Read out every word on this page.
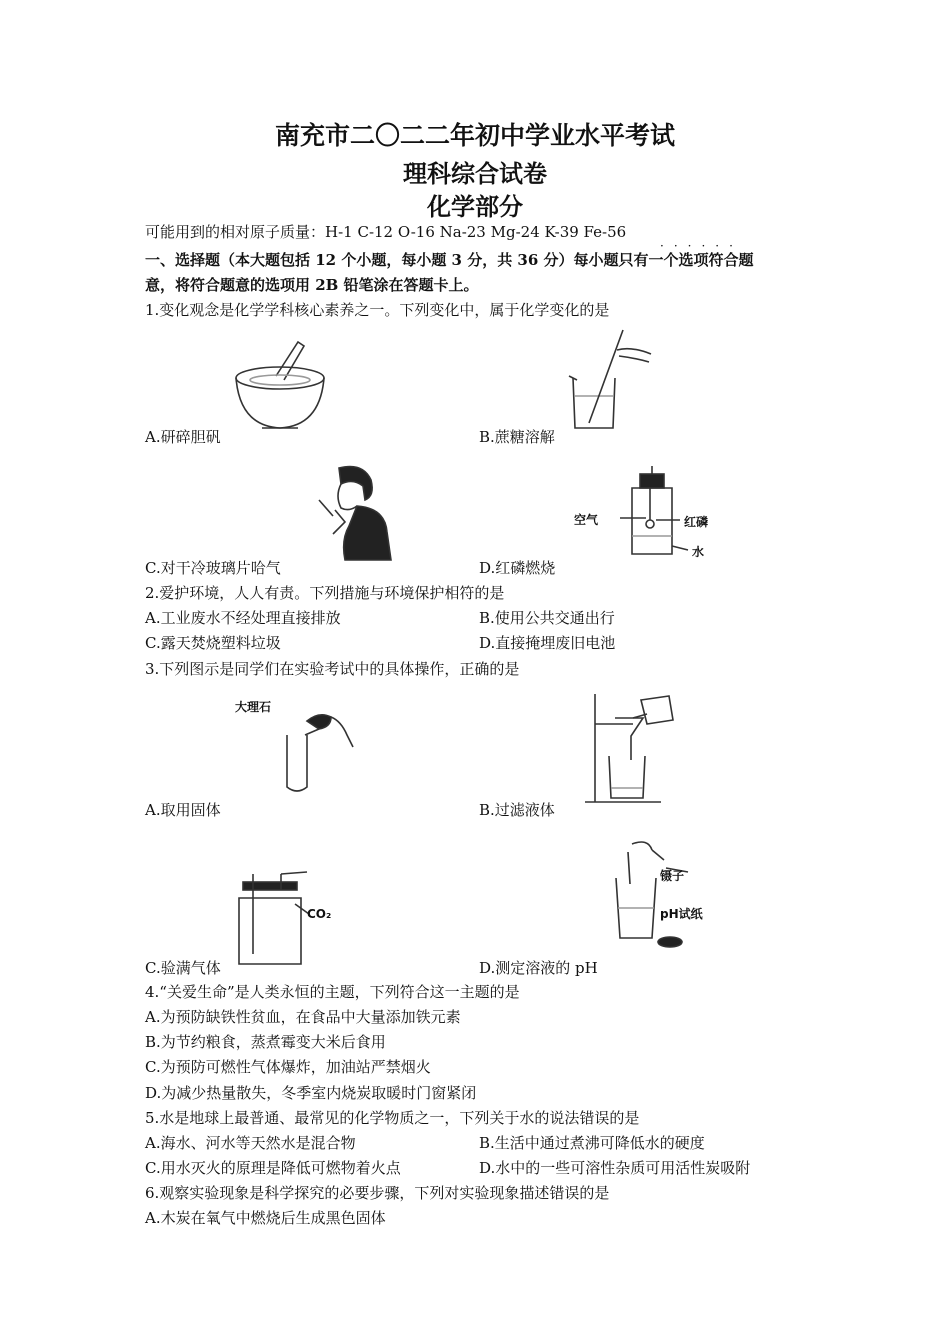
南充市二〇二二年初中学业水平考试
理科综合试卷
化学部分
可能用到的相对原子质量：H-1 C-12 O-16 Na-23 Mg-24 K-39 Fe-56
······
一、选择题（本大题包括 12 个小题，每小题 3 分，共 36 分）每小题只有一个选项符合题
意，将符合题意的选项用 2B 铅笔涂在答题卡上。
1.变化观念是化学学科核心素养之一。下列变化中，属于化学变化的是
A.研碎胆矾	B.蔗糖溶解
C.对干冷玻璃片哈气
空气	红磷
水
D.红磷燃烧
2.爱护环境，人人有责。下列措施与环境保护相符的是
A.工业废水不经处理直接排放	B.使用公共交通出行
C.露天焚烧塑料垃圾	D.直接掩埋废旧电池
3.下列图示是同学们在实验考试中的具体操作，正确的是
大理石
A.取用固体	B.过滤液体
CO₂
C.验满气体
镊子
pH试纸
D.测定溶液的 pH
4.“关爱生命”是人类永恒的主题，下列符合这一主题的是
A.为预防缺铁性贫血，在食品中大量添加铁元素
B.为节约粮食，蒸煮霉变大米后食用
C.为预防可燃性气体爆炸，加油站严禁烟火
D.为减少热量散失，冬季室内烧炭取暖时门窗紧闭
5.水是地球上最普通、最常见的化学物质之一，下列关于水的说法错误的是
A.海水、河水等天然水是混合物	B.生活中通过煮沸可降低水的硬度
C.用水灭火的原理是降低可燃物着火点	D.水中的一些可溶性杂质可用活性炭吸附
6.观察实验现象是科学探究的必要步骤，下列对实验现象描述错误的是
A.木炭在氧气中燃烧后生成黑色固体
